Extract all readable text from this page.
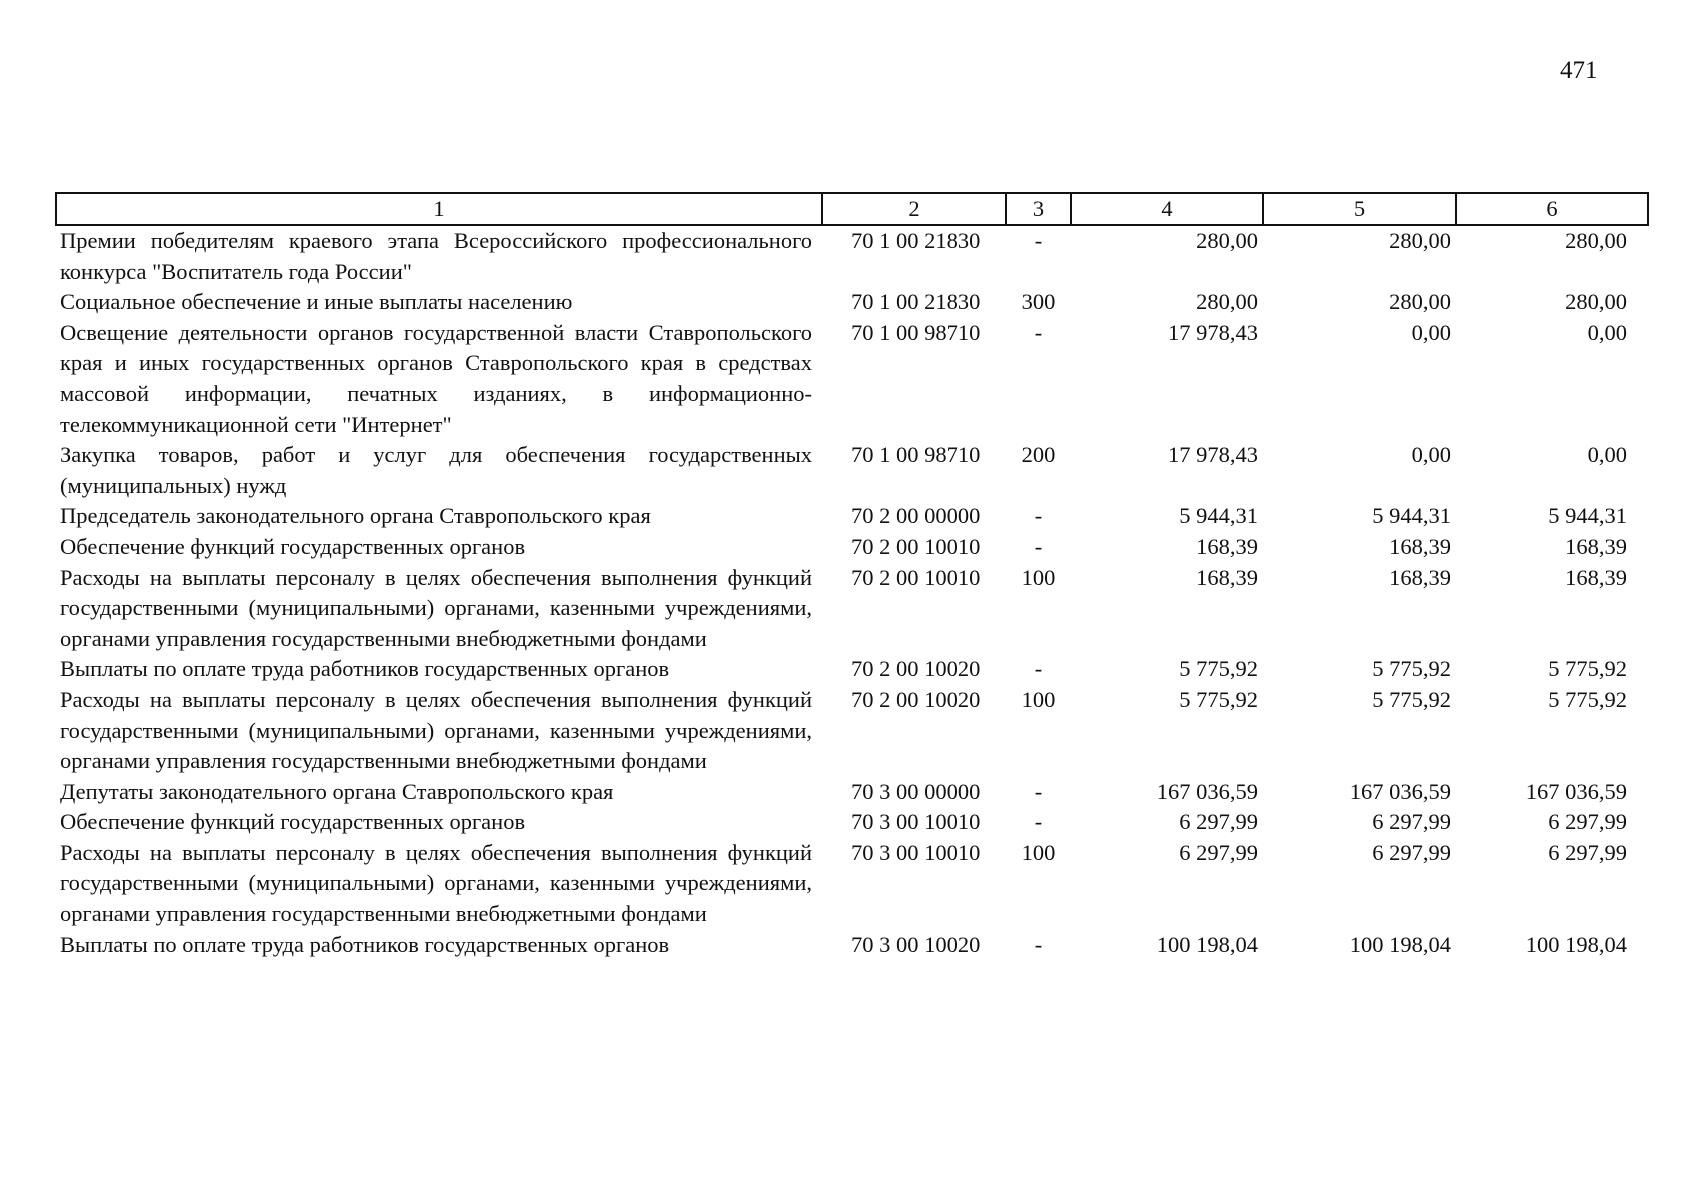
471
1	2	3	4	5	6
Премии победителям краевого этапа Всероссийского профессионального конкурса "Воспитатель года России"	70 1 00 21830	-	280,00	280,00	280,00
Социальное обеспечение и иные выплаты населению	70 1 00 21830	300	280,00	280,00	280,00
Освещение деятельности органов государственной власти Ставропольского края и иных государственных органов Ставропольского края в средствах массовой информации, печатных изданиях, в информационно-телекоммуникационной сети "Интернет"	70 1 00 98710	-	17 978,43	0,00	0,00
Закупка товаров, работ и услуг для обеспечения государственных (муниципальных) нужд	70 1 00 98710	200	17 978,43	0,00	0,00
Председатель законодательного органа Ставропольского края	70 2 00 00000	-	5 944,31	5 944,31	5 944,31
Обеспечение функций государственных органов	70 2 00 10010	-	168,39	168,39	168,39
Расходы на выплаты персоналу в целях обеспечения выполнения функций государственными (муниципальными) органами, казенными учреждениями, органами управления государственными внебюджетными фондами	70 2 00 10010	100	168,39	168,39	168,39
Выплаты по оплате труда работников государственных органов	70 2 00 10020	-	5 775,92	5 775,92	5 775,92
Расходы на выплаты персоналу в целях обеспечения выполнения функций государственными (муниципальными) органами, казенными учреждениями, органами управления государственными внебюджетными фондами	70 2 00 10020	100	5 775,92	5 775,92	5 775,92
Депутаты законодательного органа Ставропольского края	70 3 00 00000	-	167 036,59	167 036,59	167 036,59
Обеспечение функций государственных органов	70 3 00 10010	-	6 297,99	6 297,99	6 297,99
Расходы на выплаты персоналу в целях обеспечения выполнения функций государственными (муниципальными) органами, казенными учреждениями, органами управления государственными внебюджетными фондами	70 3 00 10010	100	6 297,99	6 297,99	6 297,99
Выплаты по оплате труда работников государственных органов	70 3 00 10020	-	100 198,04	100 198,04	100 198,04
